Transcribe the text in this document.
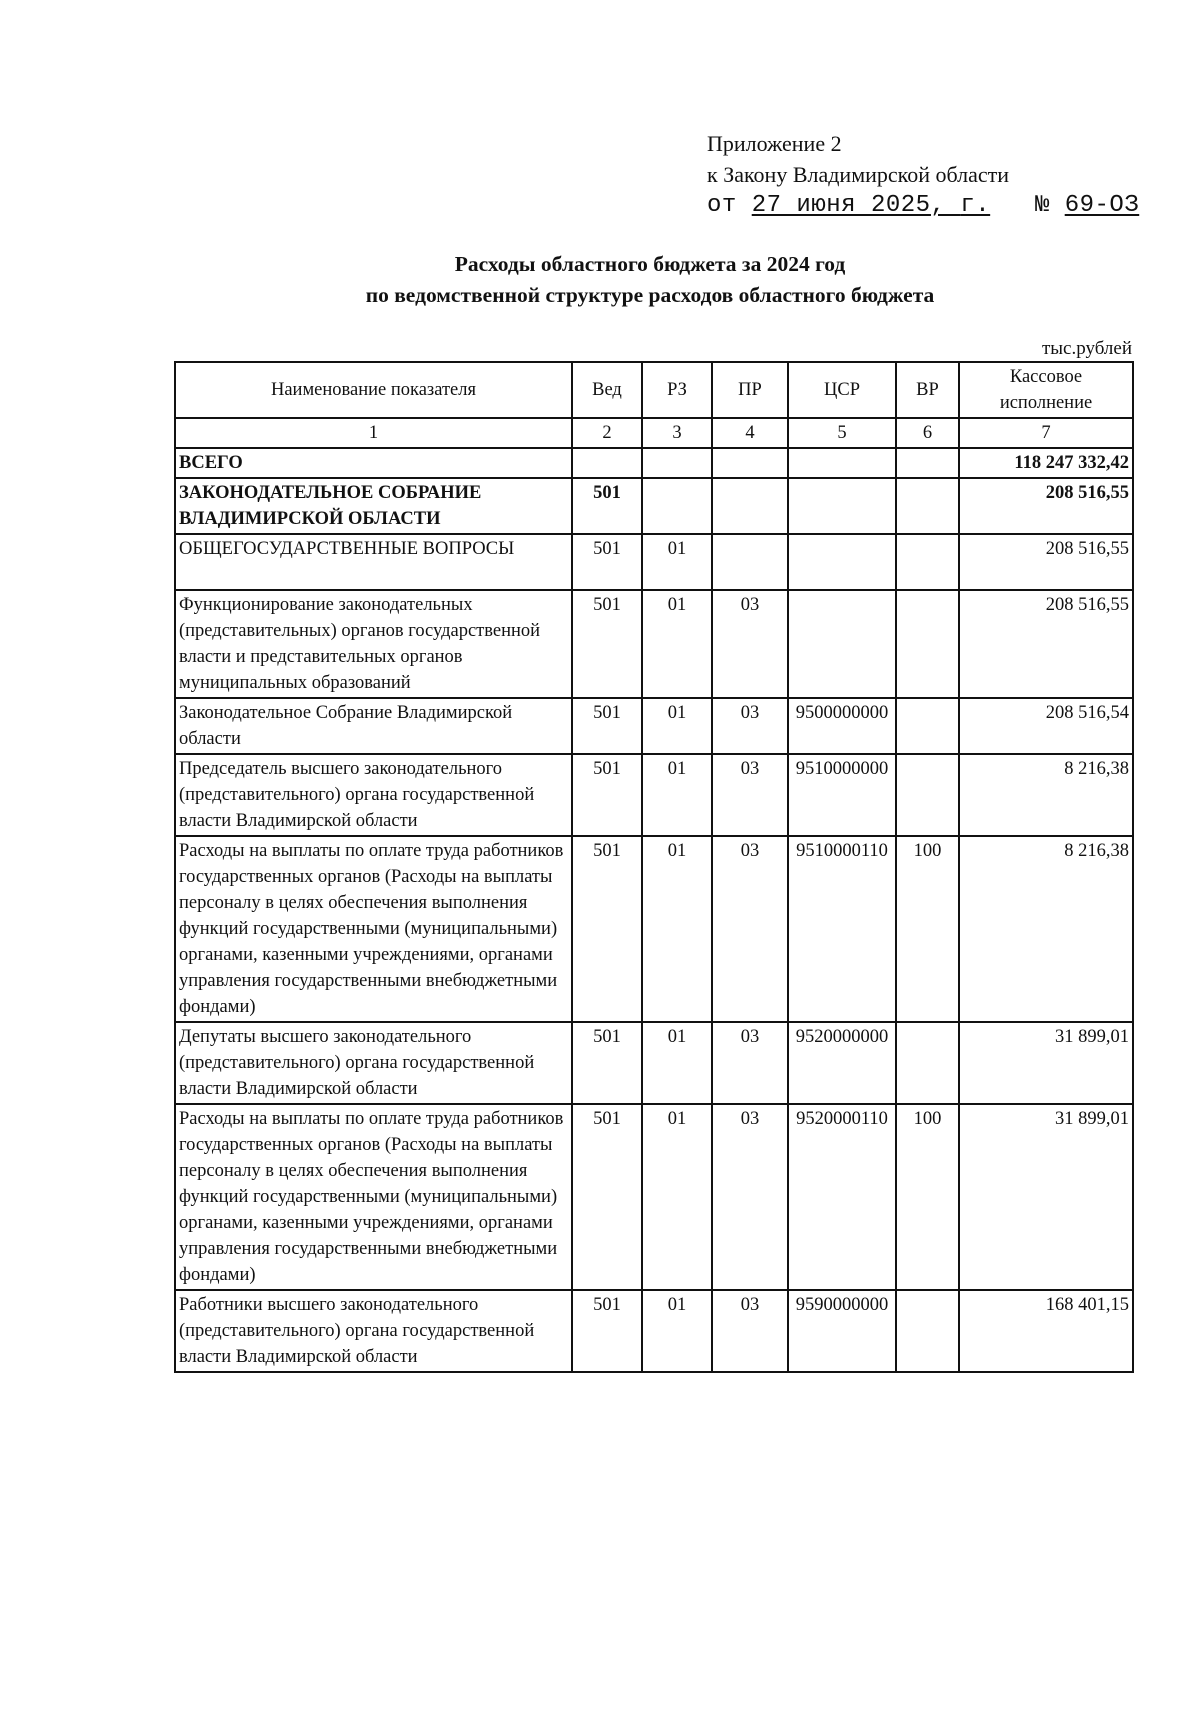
Приложение 2
к Закону Владимирской области
от 27 июня 2025, г. № 69-ОЗ
Расходы областного бюджета за 2024 год
по ведомственной структуре расходов областного бюджета
тыс.рублей
Наименование показателя	Вед	РЗ	ПР	ЦСР	ВР	Кассовое исполнение
1	2	3	4	5	6	7
ВСЕГО						118 247 332,42
ЗАКОНОДАТЕЛЬНОЕ СОБРАНИЕ ВЛАДИМИРСКОЙ ОБЛАСТИ	501					208 516,55
ОБЩЕГОСУДАРСТВЕННЫЕ ВОПРОСЫ	501	01				208 516,55
Функционирование законодательных (представительных) органов государственной власти и представительных органов муниципальных образований	501	01	03			208 516,55
Законодательное Собрание Владимирской области	501	01	03	9500000000		208 516,54
Председатель высшего законодательного (представительного) органа государственной власти Владимирской области	501	01	03	9510000000		8 216,38
Расходы на выплаты по оплате труда работников государственных органов (Расходы на выплаты персоналу в целях обеспечения выполнения функций государственными (муниципальными) органами, казенными учреждениями, органами управления государственными внебюджетными фондами)	501	01	03	9510000110	100	8 216,38
Депутаты высшего законодательного (представительного) органа государственной власти Владимирской области	501	01	03	9520000000		31 899,01
Расходы на выплаты по оплате труда работников государственных органов (Расходы на выплаты персоналу в целях обеспечения выполнения функций государственными (муниципальными) органами, казенными учреждениями, органами управления государственными внебюджетными фондами)	501	01	03	9520000110	100	31 899,01
Работники высшего законодательного (представительного) органа государственной власти Владимирской области	501	01	03	9590000000		168 401,15
